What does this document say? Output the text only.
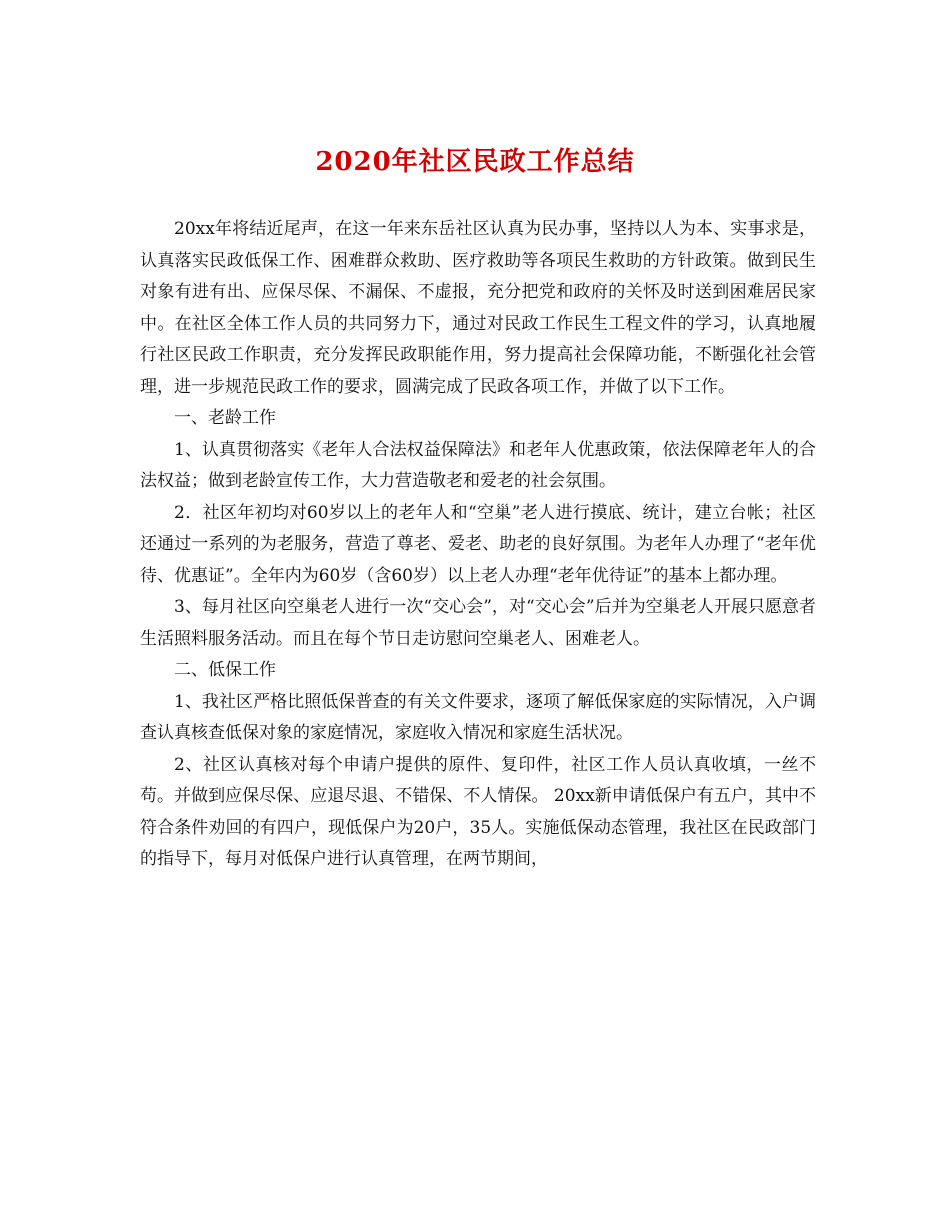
2020年社区民政工作总结

20xx年将结近尾声，在这一年来东岳社区认真为民办事，坚持以人为本、实事求是，认真落实民政低保工作、困难群众救助、医疗救助等各项民生救助的方针政策。做到民生对象有进有出、应保尽保、不漏保、不虚报，充分把党和政府的关怀及时送到困难居民家中。在社区全体工作人员的共同努力下，通过对民政工作民生工程文件的学习，认真地履行社区民政工作职责，充分发挥民政职能作用，努力提高社会保障功能，不断强化社会管理，进一步规范民政工作的要求，圆满完成了民政各项工作，并做了以下工作。

一、老龄工作

1、认真贯彻落实《老年人合法权益保障法》和老年人优惠政策，依法保障老年人的合法权益；做到老龄宣传工作，大力营造敬老和爱老的社会氛围。

2．社区年初均对60岁以上的老年人和“空巢”老人进行摸底、统计，建立台帐；社区还通过一系列的为老服务，营造了尊老、爱老、助老的良好氛围。为老年人办理了“老年优待、优惠证”。全年内为60岁（含60岁）以上老人办理“老年优待证”的基本上都办理。

3、每月社区向空巢老人进行一次“交心会”，对“交心会”后并为空巢老人开展只愿意者生活照料服务活动。而且在每个节日走访慰问空巢老人、困难老人。

二、低保工作

1、我社区严格比照低保普查的有关文件要求，逐项了解低保家庭的实际情况，入户调查认真核查低保对象的家庭情况，家庭收入情况和家庭生活状况。

2、社区认真核对每个申请户提供的原件、复印件，社区工作人员认真收填，一丝不苟。并做到应保尽保、应退尽退、不错保、不人情保。 20xx新申请低保户有五户，其中不符合条件劝回的有四户，现低保户为20户，35人。实施低保动态管理，我社区在民政部门的指导下，每月对低保户进行认真管理，在两节期间，
